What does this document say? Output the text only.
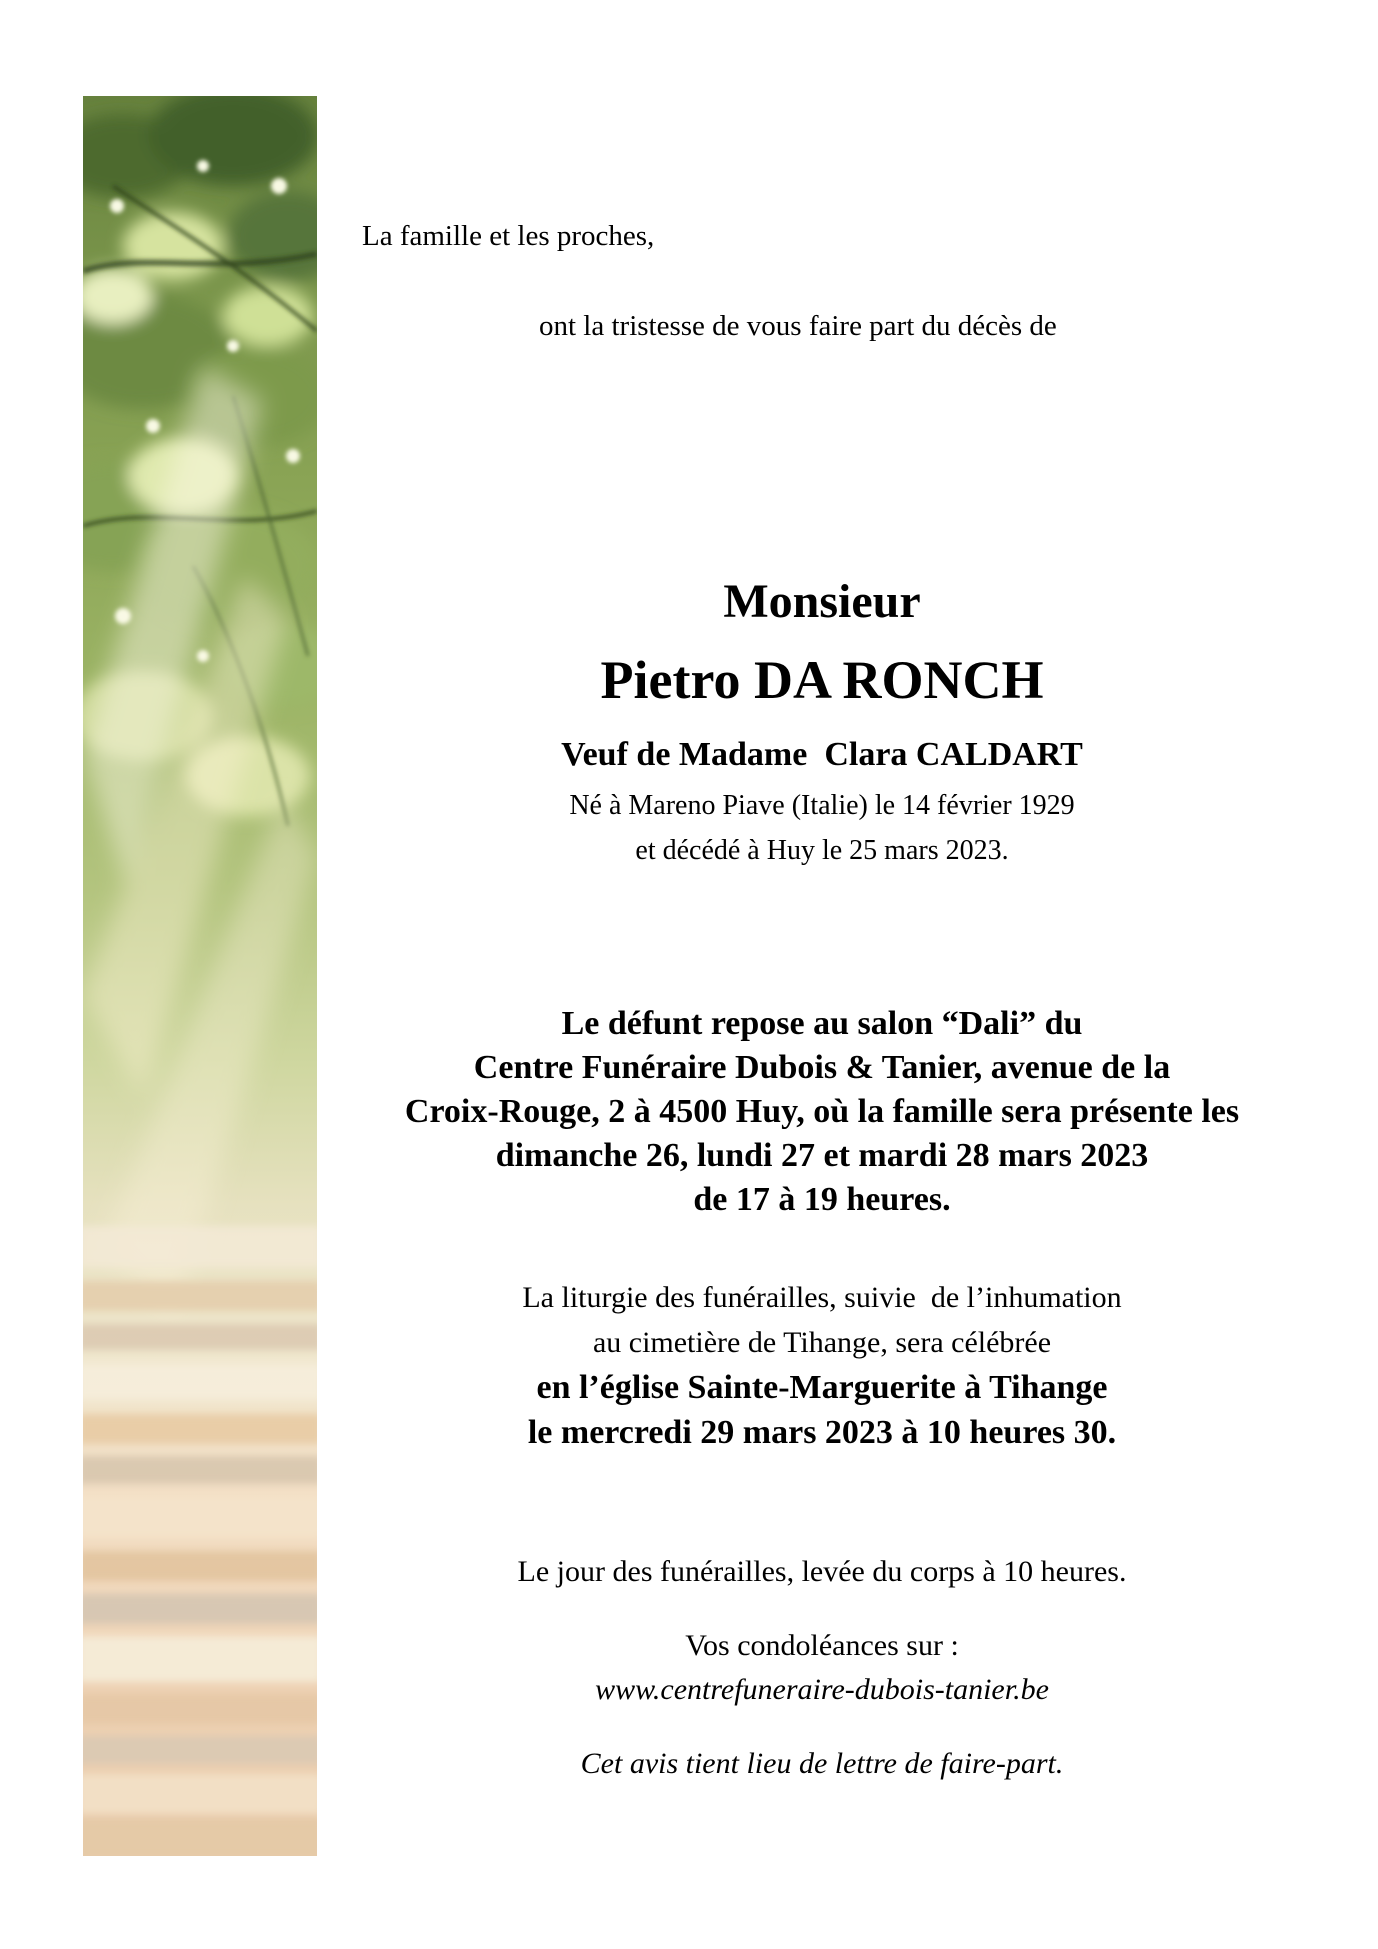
La famille et les proches,
ont la tristesse de vous faire part du décès de
Monsieur
Pietro DA RONCH
Veuf de Madame  Clara CALDART
Né à Mareno Piave (Italie) le 14 février 1929
et décédé à Huy le 25 mars 2023.
Le défunt repose au salon “Dali” du
Centre Funéraire Dubois & Tanier, avenue de la
Croix-Rouge, 2 à 4500 Huy, où la famille sera présente les
dimanche 26, lundi 27 et mardi 28 mars 2023
de 17 à 19 heures.
La liturgie des funérailles, suivie  de l’inhumation
au cimetière de Tihange, sera célébrée
en l’église Sainte-Marguerite à Tihange
le mercredi 29 mars 2023 à 10 heures 30.
Le jour des funérailles, levée du corps à 10 heures.
Vos condoléances sur :
www.centrefuneraire-dubois-tanier.be
Cet avis tient lieu de lettre de faire-part.
